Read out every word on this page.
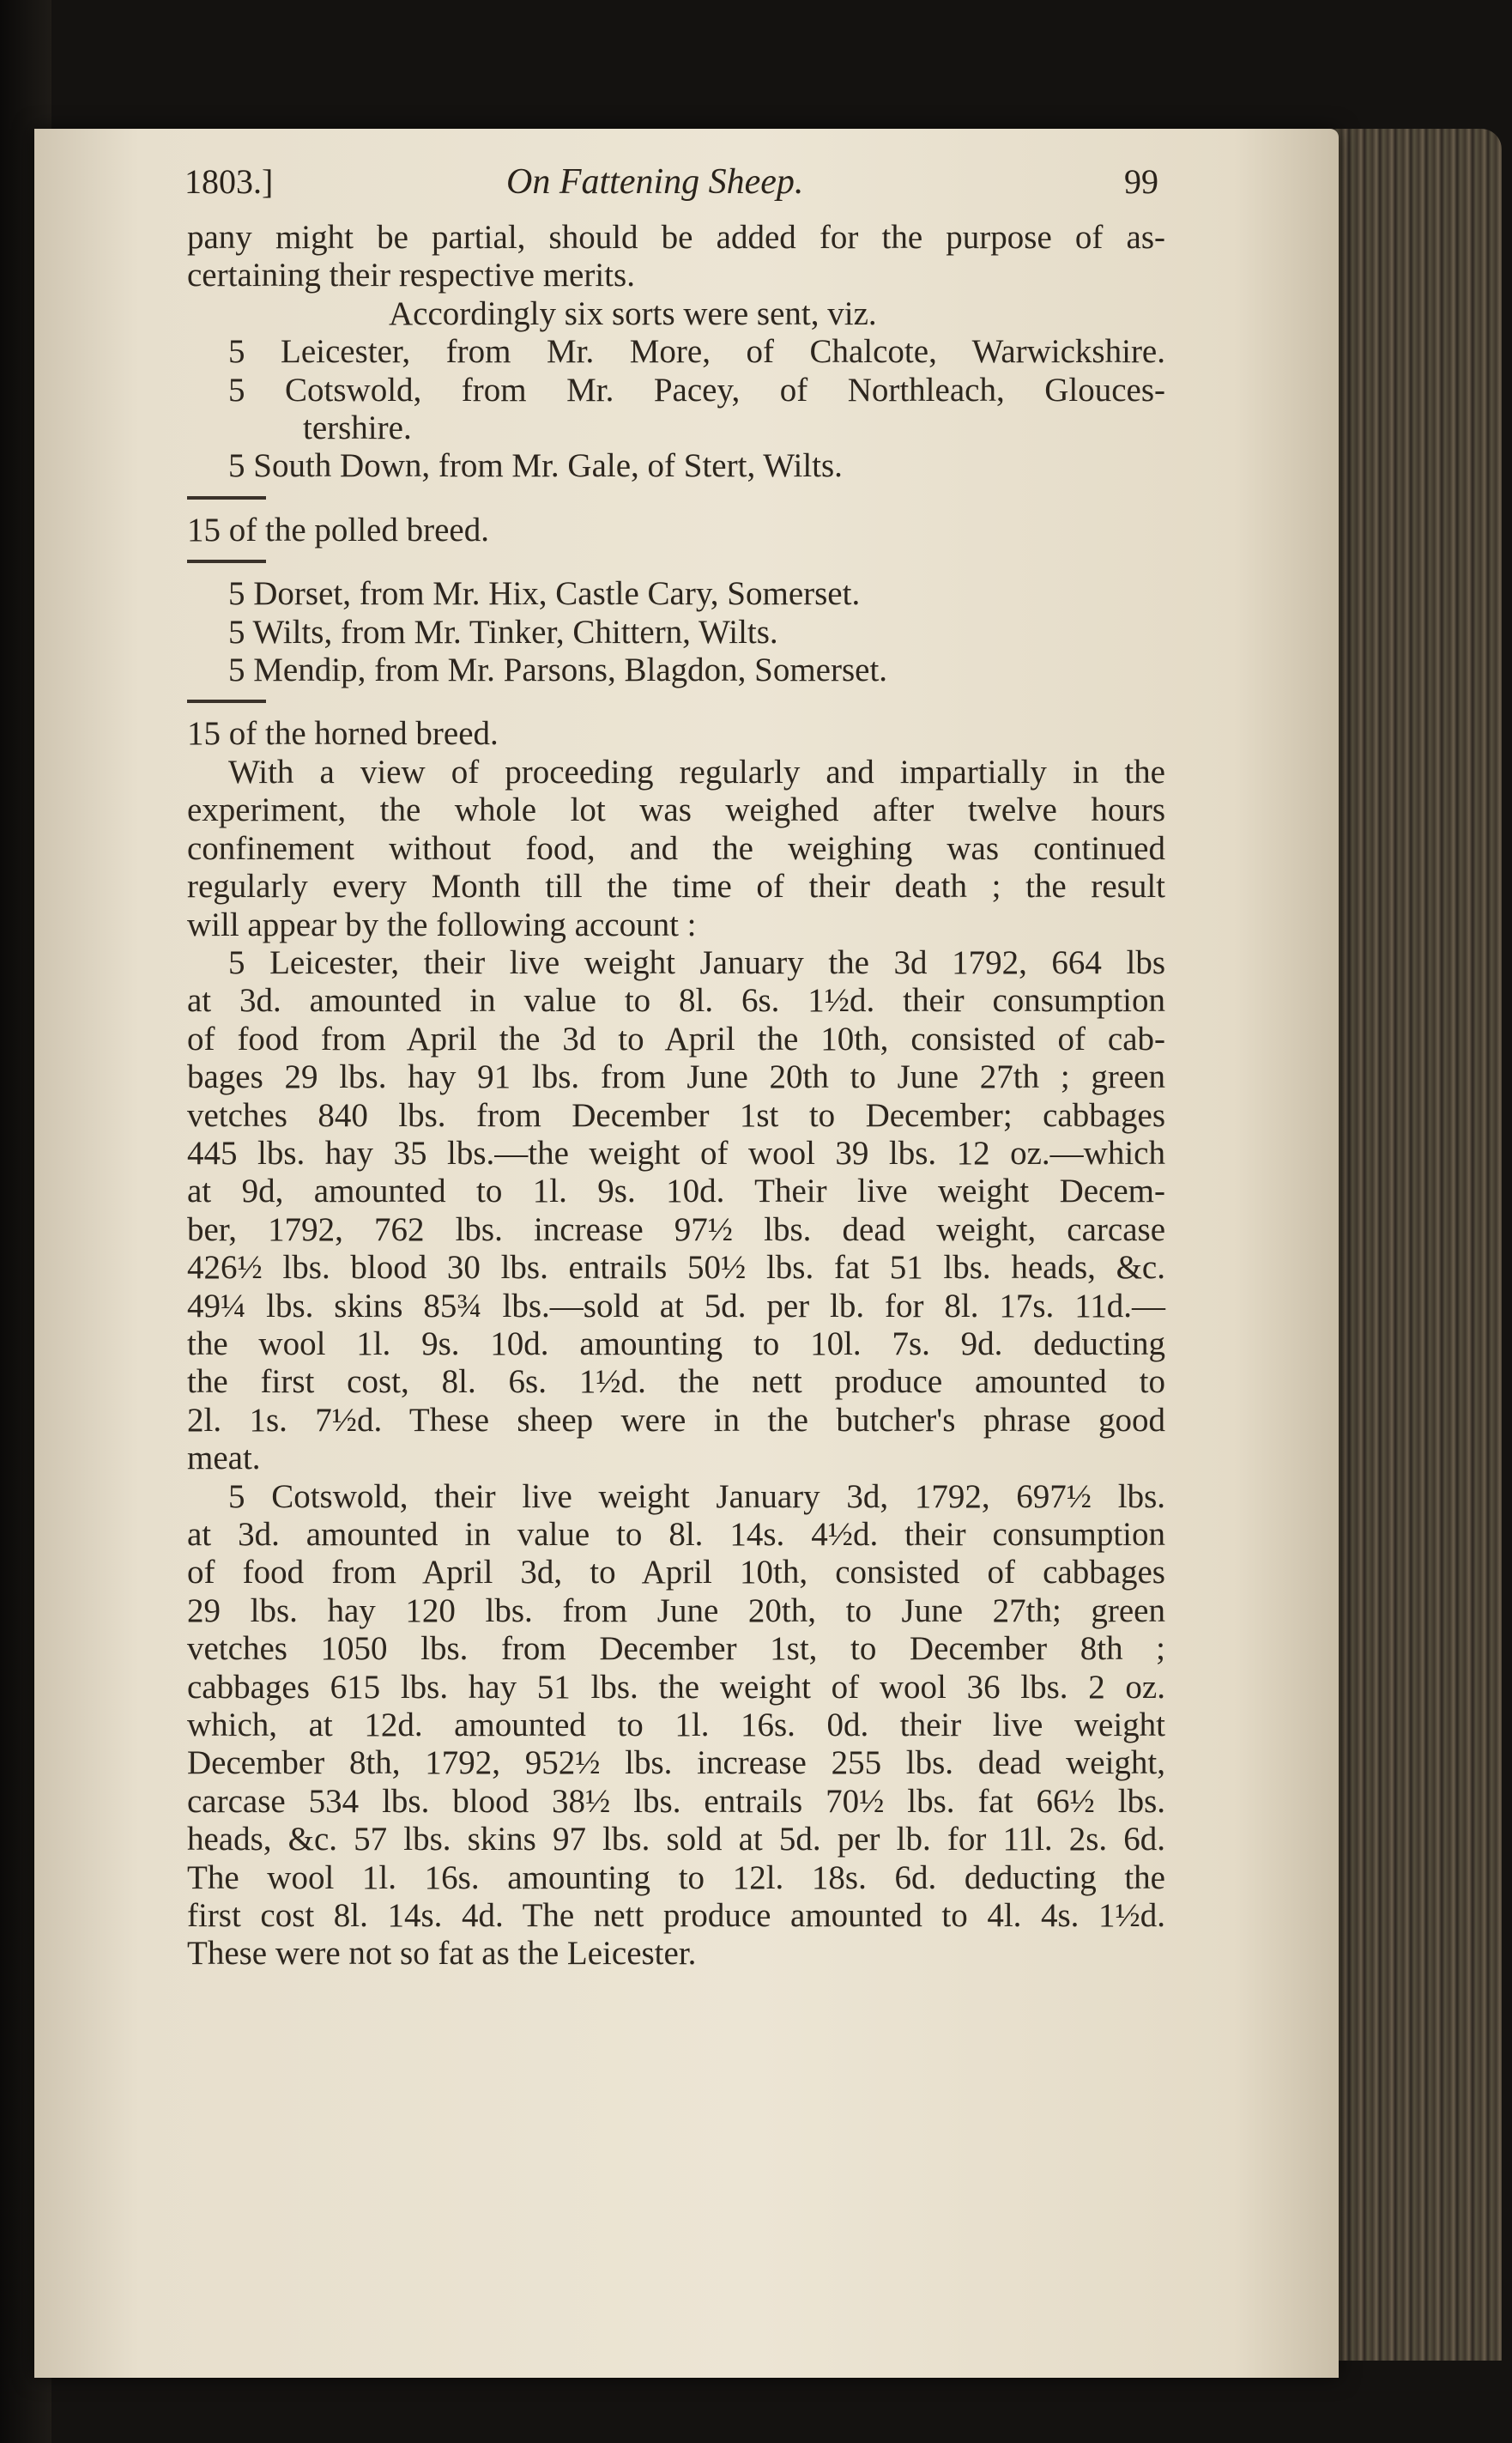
1803.]	On Fattening Sheep.	99
pany might be partial, should be added for the purpose of as-
certaining their respective merits.
Accordingly six sorts were sent, viz.
5 Leicester, from Mr. More, of Chalcote, Warwickshire.
5 Cotswold, from Mr. Pacey, of Northleach, Glouces-
tershire.
5 South Down, from Mr. Gale, of Stert, Wilts.
15 of the polled breed.
5 Dorset, from Mr. Hix, Castle Cary, Somerset.
5 Wilts, from Mr. Tinker, Chittern, Wilts.
5 Mendip, from Mr. Parsons, Blagdon, Somerset.
15 of the horned breed.
With a view of proceeding regularly and impartially in the
experiment, the whole lot was weighed after twelve hours
confinement without food, and the weighing was continued
regularly every Month till the time of their death ; the result
will appear by the following account :
5 Leicester, their live weight January the 3d 1792, 664 lbs
at 3d. amounted in value to 8l. 6s. 1½d. their consumption
of food from April the 3d to April the 10th, consisted of cab-
bages 29 lbs. hay 91 lbs. from June 20th to June 27th ; green
vetches 840 lbs. from December 1st to December; cabbages
445 lbs. hay 35 lbs.—the weight of wool 39 lbs. 12 oz.—which
at 9d, amounted to 1l. 9s. 10d. Their live weight Decem-
ber, 1792, 762 lbs. increase 97½ lbs. dead weight, carcase
426½ lbs. blood 30 lbs. entrails 50½ lbs. fat 51 lbs. heads, &c.
49¼ lbs. skins 85¾ lbs.—sold at 5d. per lb. for 8l. 17s. 11d.—
the wool 1l. 9s. 10d. amounting to 10l. 7s. 9d. deducting
the first cost, 8l. 6s. 1½d. the nett produce amounted to
2l. 1s. 7½d. These sheep were in the butcher's phrase good
meat.
5 Cotswold, their live weight January 3d, 1792, 697½ lbs.
at 3d. amounted in value to 8l. 14s. 4½d. their consumption
of food from April 3d, to April 10th, consisted of cabbages
29 lbs. hay 120 lbs. from June 20th, to June 27th; green
vetches 1050 lbs. from December 1st, to December 8th ;
cabbages 615 lbs. hay 51 lbs. the weight of wool 36 lbs. 2 oz.
which, at 12d. amounted to 1l. 16s. 0d. their live weight
December 8th, 1792, 952½ lbs. increase 255 lbs. dead weight,
carcase 534 lbs. blood 38½ lbs. entrails 70½ lbs. fat 66½ lbs.
heads, &c. 57 lbs. skins 97 lbs. sold at 5d. per lb. for 11l. 2s. 6d.
The wool 1l. 16s. amounting to 12l. 18s. 6d. deducting the
first cost 8l. 14s. 4d. The nett produce amounted to 4l. 4s. 1½d.
These were not so fat as the Leicester.
